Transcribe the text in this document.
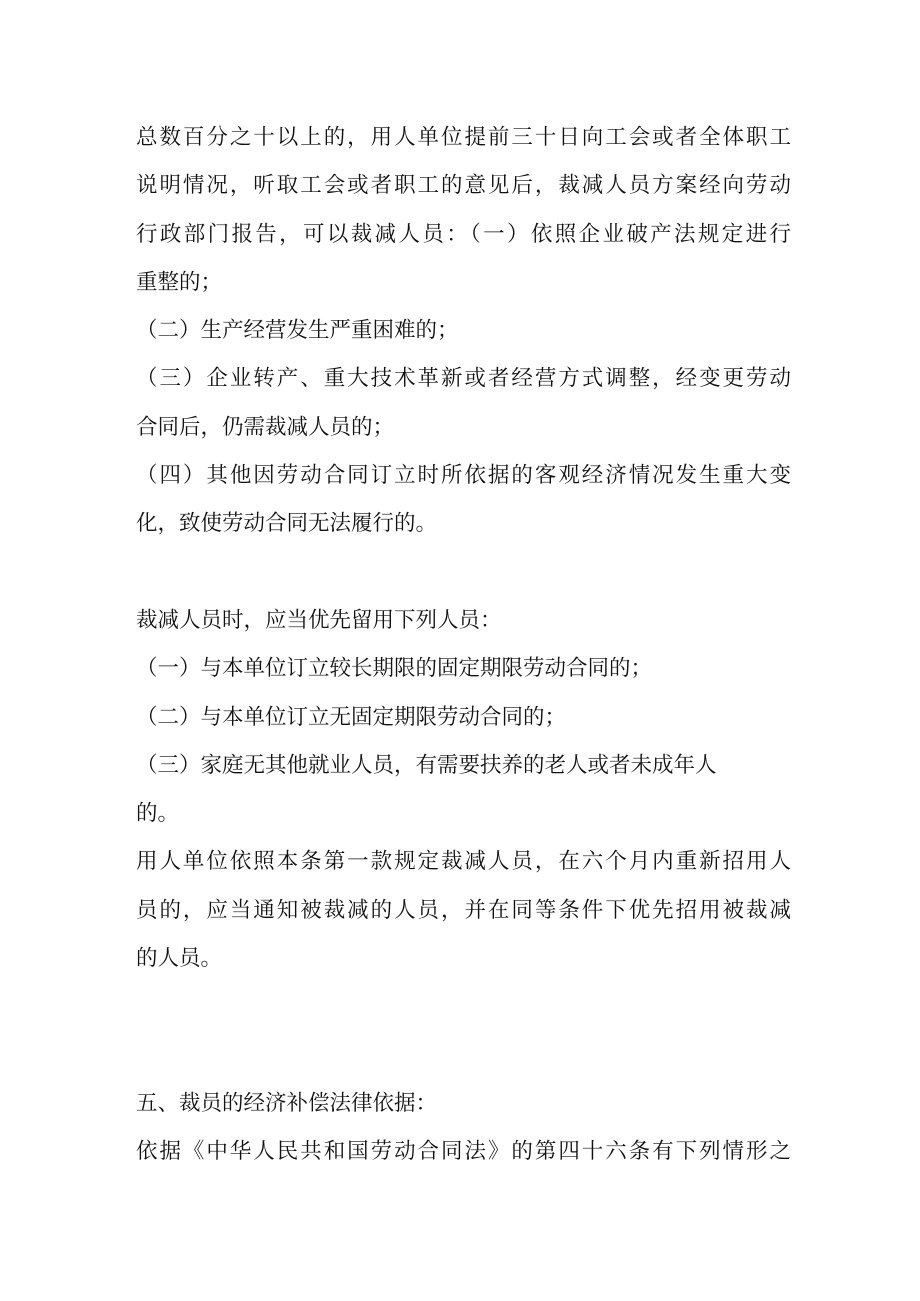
总数百分之十以上的，用人单位提前三十日向工会或者全体职工
说明情况，听取工会或者职工的意见后，裁减人员方案经向劳动
行政部门报告，可以裁减人员：（一）依照企业破产法规定进行
重整的；
（二）生产经营发生严重困难的；
（三）企业转产、重大技术革新或者经营方式调整，经变更劳动
合同后，仍需裁减人员的；
（四）其他因劳动合同订立时所依据的客观经济情况发生重大变
化，致使劳动合同无法履行的。
裁减人员时，应当优先留用下列人员：
（一）与本单位订立较长期限的固定期限劳动合同的；
（二）与本单位订立无固定期限劳动合同的；
（三）家庭无其他就业人员，有需要扶养的老人或者未成年人
的。
用人单位依照本条第一款规定裁减人员，在六个月内重新招用人
员的，应当通知被裁减的人员，并在同等条件下优先招用被裁减
的人员。
五、裁员的经济补偿法律依据：
依据《中华人民共和国劳动合同法》的第四十六条有下列情形之
